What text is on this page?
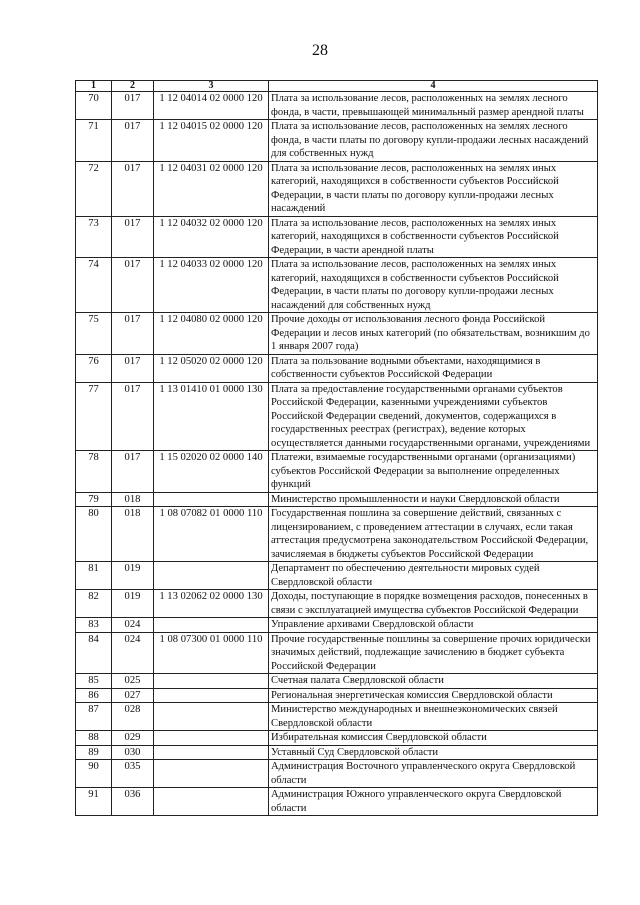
28
1	2	3	4
70	017	1 12 04014 02 0000 120	Плата за использование лесов, расположенных на землях лесного фонда, в части, превышающей минимальный размер арендной платы
71	017	1 12 04015 02 0000 120	Плата за использование лесов, расположенных на землях лесного фонда, в части платы по договору купли-продажи лесных насаждений для собственных нужд
72	017	1 12 04031 02 0000 120	Плата за использование лесов, расположенных на землях иных категорий, находящихся в собственности субъектов Российской Федерации, в части платы по договору купли-продажи лесных насаждений
73	017	1 12 04032 02 0000 120	Плата за использование лесов, расположенных на землях иных категорий, находящихся в собственности субъектов Российской Федерации, в части арендной платы
74	017	1 12 04033 02 0000 120	Плата за использование лесов, расположенных на землях иных категорий, находящихся в собственности субъектов Российской Федерации, в части платы по договору купли-продажи лесных насаждений для собственных нужд
75	017	1 12 04080 02 0000 120	Прочие доходы от использования лесного фонда Российской Федерации и лесов иных категорий (по обязательствам, возникшим до 1 января 2007 года)
76	017	1 12 05020 02 0000 120	Плата за пользование водными объектами, находящимися в собственности субъектов Российской Федерации
77	017	1 13 01410 01 0000 130	Плата за предоставление государственными органами субъектов Российской Федерации, казенными учреждениями субъектов Российской Федерации сведений, документов, содержащихся в государственных реестрах (регистрах), ведение которых осуществляется данными государственными органами, учреждениями
78	017	1 15 02020 02 0000 140	Платежи, взимаемые государственными органами (организациями) субъектов Российской Федерации за выполнение определенных функций
79	018		Министерство промышленности и науки Свердловской области
80	018	1 08 07082 01 0000 110	Государственная пошлина за совершение действий, связанных с лицензированием, с проведением аттестации в случаях, если такая аттестация предусмотрена законодательством Российской Федерации, зачисляемая в бюджеты субъектов Российской Федерации
81	019		Департамент по обеспечению деятельности мировых судей Свердловской области
82	019	1 13 02062 02 0000 130	Доходы, поступающие в порядке возмещения расходов, понесенных в связи с эксплуатацией имущества субъектов Российской Федерации
83	024		Управление архивами Свердловской области
84	024	1 08 07300 01 0000 110	Прочие государственные пошлины за совершение прочих юридически значимых действий, подлежащие зачислению в бюджет субъекта Российской Федерации
85	025		Счетная палата Свердловской области
86	027		Региональная энергетическая комиссия Свердловской области
87	028		Министерство международных и внешнеэкономических связей Свердловской области
88	029		Избирательная комиссия Свердловской области
89	030		Уставный Суд Свердловской области
90	035		Администрация Восточного управленческого округа Свердловской области
91	036		Администрация Южного управленческого округа Свердловской области
